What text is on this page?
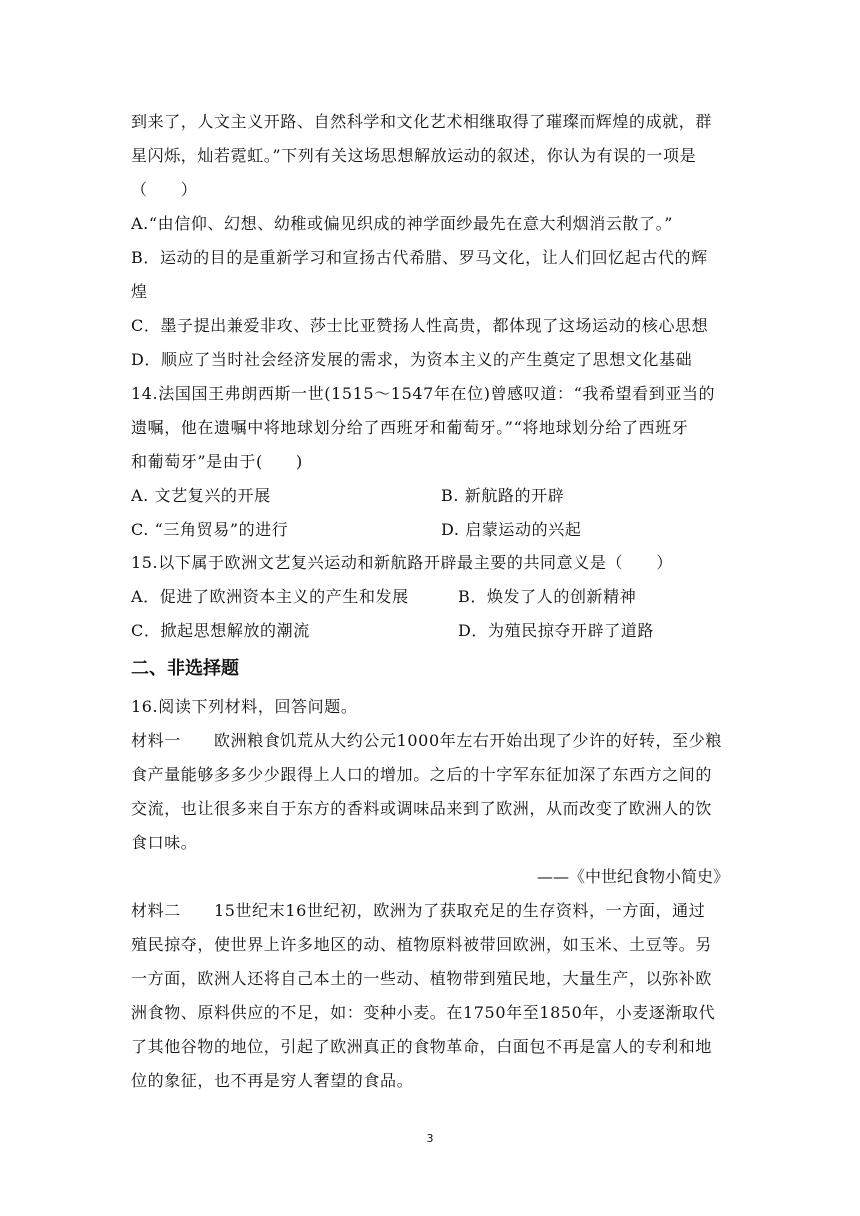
到来了，人文主义开路、自然科学和文化艺术相继取得了璀璨而辉煌的成就，群
星闪烁，灿若霓虹。”下列有关这场思想解放运动的叙述，你认为有误的一项是
（　　）
A.“由信仰、幻想、幼稚或偏见织成的神学面纱最先在意大利烟消云散了。”
B．运动的目的是重新学习和宣扬古代希腊、罗马文化，让人们回忆起古代的辉
煌
C．墨子提出兼爱非攻、莎士比亚赞扬人性高贵，都体现了这场运动的核心思想
D．顺应了当时社会经济发展的需求，为资本主义的产生奠定了思想文化基础
14.法国国王弗朗西斯一世(1515～1547年在位)曾感叹道：“我希望看到亚当的
遗嘱，他在遗嘱中将地球划分给了西班牙和葡萄牙。”“将地球划分给了西班牙
和葡萄牙”是由于(　　)
A. 文艺复兴的开展	B. 新航路的开辟
C. “三角贸易”的进行	D. 启蒙运动的兴起
15.以下属于欧洲文艺复兴运动和新航路开辟最主要的共同意义是（　　）
A．促进了欧洲资本主义的产生和发展	B．焕发了人的创新精神
C．掀起思想解放的潮流	D．为殖民掠夺开辟了道路
二、非选择题
16.阅读下列材料，回答问题。
材料一　　欧洲粮食饥荒从大约公元1000年左右开始出现了少许的好转，至少粮
食产量能够多多少少跟得上人口的增加。之后的十字军东征加深了东西方之间的
交流，也让很多来自于东方的香料或调味品来到了欧洲，从而改变了欧洲人的饮
食口味。
——《中世纪食物小简史》
材料二　　15世纪末16世纪初，欧洲为了获取充足的生存资料，一方面，通过
殖民掠夺，使世界上许多地区的动、植物原料被带回欧洲，如玉米、土豆等。另
一方面，欧洲人还将自己本土的一些动、植物带到殖民地，大量生产，以弥补欧
洲食物、原料供应的不足，如：变种小麦。在1750年至1850年，小麦逐渐取代
了其他谷物的地位，引起了欧洲真正的食物革命，白面包不再是富人的专利和地
位的象征，也不再是穷人奢望的食品。
3
